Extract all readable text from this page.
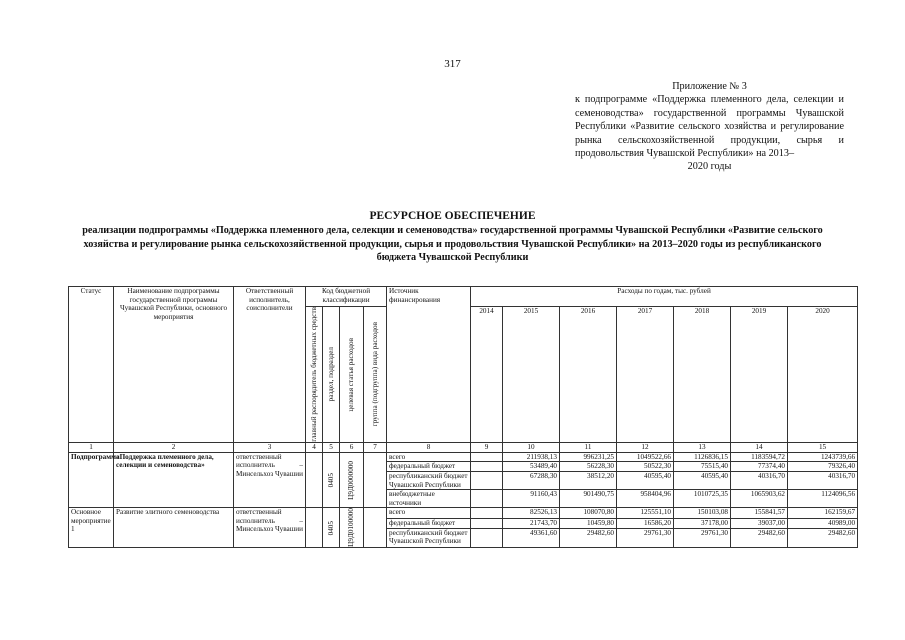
317
Приложение № 3
к подпрограмме «Поддержка племенного дела, селекции и семеноводства» государственной программы Чувашской Республики «Развитие сельского хозяйства и регулирование рынка сельскохозяйственной продукции, сырья и продовольствия Чувашской Республики» на 2013–
2020 годы
РЕСУРСНОЕ ОБЕСПЕЧЕНИЕ
реализации подпрограммы «Поддержка племенного дела, селекции и семеноводства» государственной программы Чувашской Республики «Развитие сельского хозяйства и регулирование рынка сельскохозяйственной продукции, сырья и продовольствия Чувашской Республики» на 2013–2020 годы из республиканского бюджета Чувашской Республики
Статус	Наименование подпрограммы государственной программы Чувашской Республики, основного мероприятия	Ответственный исполнитель, соисполнители	Код бюджетной классификации				Источник финансирования	Расходы по годам, тыс. рублей						

			главный распорядитель бюджетных средств	раздел, подраздел	целевая статья расходов	группа (подгруппа) вида расходов		2014	2015	2016	2017	2018	2019	2020
1	2	3	4	5	6	7	8	9	10	11	12	13	14	15
Подпрограмма	«Поддержка племенного дела, селекции и семеноводства»	ответственный исполнитель – Минсельхоз Чувашии		0405	Ц9Д0000000		всего		211938,13	996231,25	1049522,66	1126836,15	1183594,72	1243739,66
							федеральный бюджет		53489,40	56228,30	50522,30	75515,40	77374,40	79326,40
							республиканский бюджет Чувашской Республики		67288,30	38512,20	40595,40	40595,40	40316,70	40316,70
							внебюджетные источники		91160,43	901490,75	958404,96	1010725,35	1065903,62	1124096,56
Основное мероприятие 1	Развитие элитного семеноводства	ответственный исполнитель – Минсельхоз Чувашии		0405	Ц9Д0100000		всего		82526,13	108070,80	125551,10	150103,08	155841,57	162159,67
							федеральный бюджет		21743,70	10459,80	16586,20	37178,00	39037,00	40989,00
							республиканский бюджет Чувашской Республики		49361,60	29482,60	29761,30	29761,30	29482,60	29482,60
